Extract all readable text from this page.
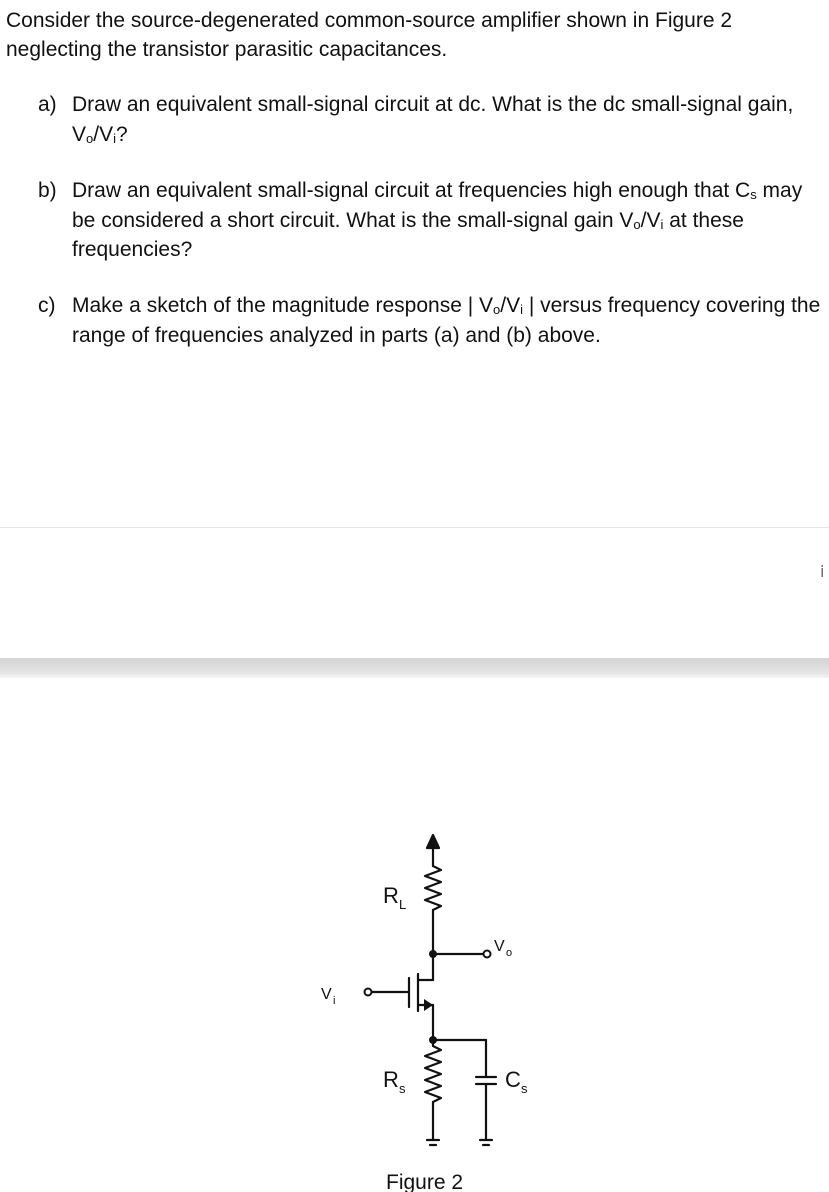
Consider the source-degenerated common-source amplifier shown in Figure 2 neglecting the transistor parasitic capacitances.

a) Draw an equivalent small-signal circuit at dc. What is the dc small-signal gain, $V_o/V_i$?
b) Draw an equivalent small-signal circuit at frequencies high enough that $C_s$ may be considered a short circuit. What is the small-signal gain $V_o/V_i$ at these frequencies?
c) Make a sketch of the magnitude response | $V_o/V_i$ | versus frequency covering the range of frequencies analyzed in parts (a) and (b) above.
i
R L
V o
V i
R s	C s
Figure 2
